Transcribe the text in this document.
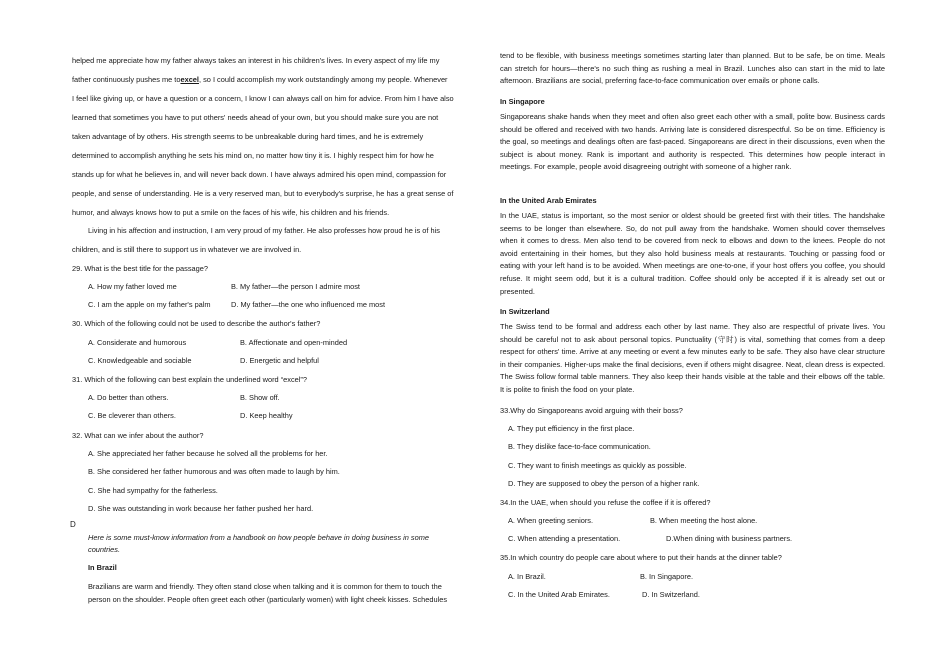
helped me appreciate how my father always takes an interest in his children's lives. In every aspect of my life my
father continuously pushes me toexcel, so I could accomplish my work outstandingly among my people. Whenever
I feel like giving up, or have a question or a concern, I know I can always call on him for advice. From him I have also
learned that sometimes you have to put others' needs ahead of your own, but you should make sure you are not
taken advantage of by others. His strength seems to be unbreakable during hard times, and he is extremely
determined to accomplish anything he sets his mind on, no matter how tiny it is. I highly respect him for how he
stands up for what he believes in, and will never back down. I have always admired his open mind, compassion for
people, and sense of understanding. He is a very reserved man, but to everybody's surprise, he has a great sense of
humor, and always knows how to put a smile on the faces of his wife, his children and his friends.
Living in his affection and instruction, I am very proud of my father. He also professes how proud he is of his
children, and is still there to support us in whatever we are involved in.
29. What is the best title for the passage?
A. How my father loved me	B. My father—the person I admire most
C. I am the apple on my father's palm	D. My father—the one who influenced me most
30. Which of the following could not be used to describe the author's father?
A. Considerate and humorous	B. Affectionate and open-minded
C. Knowledgeable and sociable	D. Energetic and helpful
31. Which of the following can best explain the underlined word “excel”?
A. Do better than others.	B. Show off.
C. Be cleverer than others.	D. Keep healthy
32. What can we infer about the author?
A. She appreciated her father because he solved all the problems for her.
B. She considered her father humorous and was often made to laugh by him.
C. She had sympathy for the fatherless.
D. She was outstanding in work because her father pushed her hard.
D
Here is some must-know information from a handbook on how people behave in doing business in some
countries.
In Brazil
Brazilians are warm and friendly. They often stand close when talking and it is common for them to touch the
person on the shoulder. People often greet each other (particularly women) with light cheek kisses. Schedules
tend to be flexible, with business meetings sometimes starting later than planned. But to be safe, be on time. Meals can stretch for hours—there's no such thing as rushing a meal in Brazil. Lunches also can start in the mid to late afternoon. Brazilians are social, preferring face-to-face communication over emails or phone calls.
In Singapore
Singaporeans shake hands when they meet and often also greet each other with a small, polite bow. Business cards should be offered and received with two hands. Arriving late is considered disrespectful. So be on time. Efficiency is the goal, so meetings and dealings often are fast-paced. Singaporeans are direct in their discussions, even when the subject is about money. Rank is important and authority is respected. This determines how people interact in meetings. For example, people avoid disagreeing outright with someone of a higher rank.
In the United Arab Emirates
In the UAE, status is important, so the most senior or oldest should be greeted first with their titles. The handshake seems to be longer than elsewhere. So, do not pull away from the handshake. Women should cover themselves when it comes to dress. Men also tend to be covered from neck to elbows and down to the knees. People do not avoid entertaining in their homes, but they also hold business meals at restaurants. Touching or passing food or eating with your left hand is to be avoided. When meetings are one-to-one, if your host offers you coffee, you should refuse. It might seem odd, but it is a cultural tradition. Coffee should only be accepted if it is already set out or presented.
In Switzerland
The Swiss tend to be formal and address each other by last name. They also are respectful of private lives. You should be careful not to ask about personal topics. Punctuality (守时) is vital, something that comes from a deep respect for others' time. Arrive at any meeting or event a few minutes early to be safe. They also have clear structure in their companies. Higher-ups make the final decisions, even if others might disagree. Neat, clean dress is expected. The Swiss follow formal table manners. They also keep their hands visible at the table and their elbows off the table. It is polite to finish the food on your plate.
33.Why do Singaporeans avoid arguing with their boss?
A. They put efficiency in the first place.
B. They dislike face-to-face communication.
C. They want to finish meetings as quickly as possible.
D. They are supposed to obey the person of a higher rank.
34.In the UAE, when should you refuse the coffee if it is offered?
A. When greeting seniors.	B. When meeting the host alone.
C. When attending a presentation.	D.When dining with business partners.
35.In which country do people care about where to put their hands at the dinner table?
A. In Brazil.	B. In Singapore.
C. In the United Arab Emirates.	D. In Switzerland.
